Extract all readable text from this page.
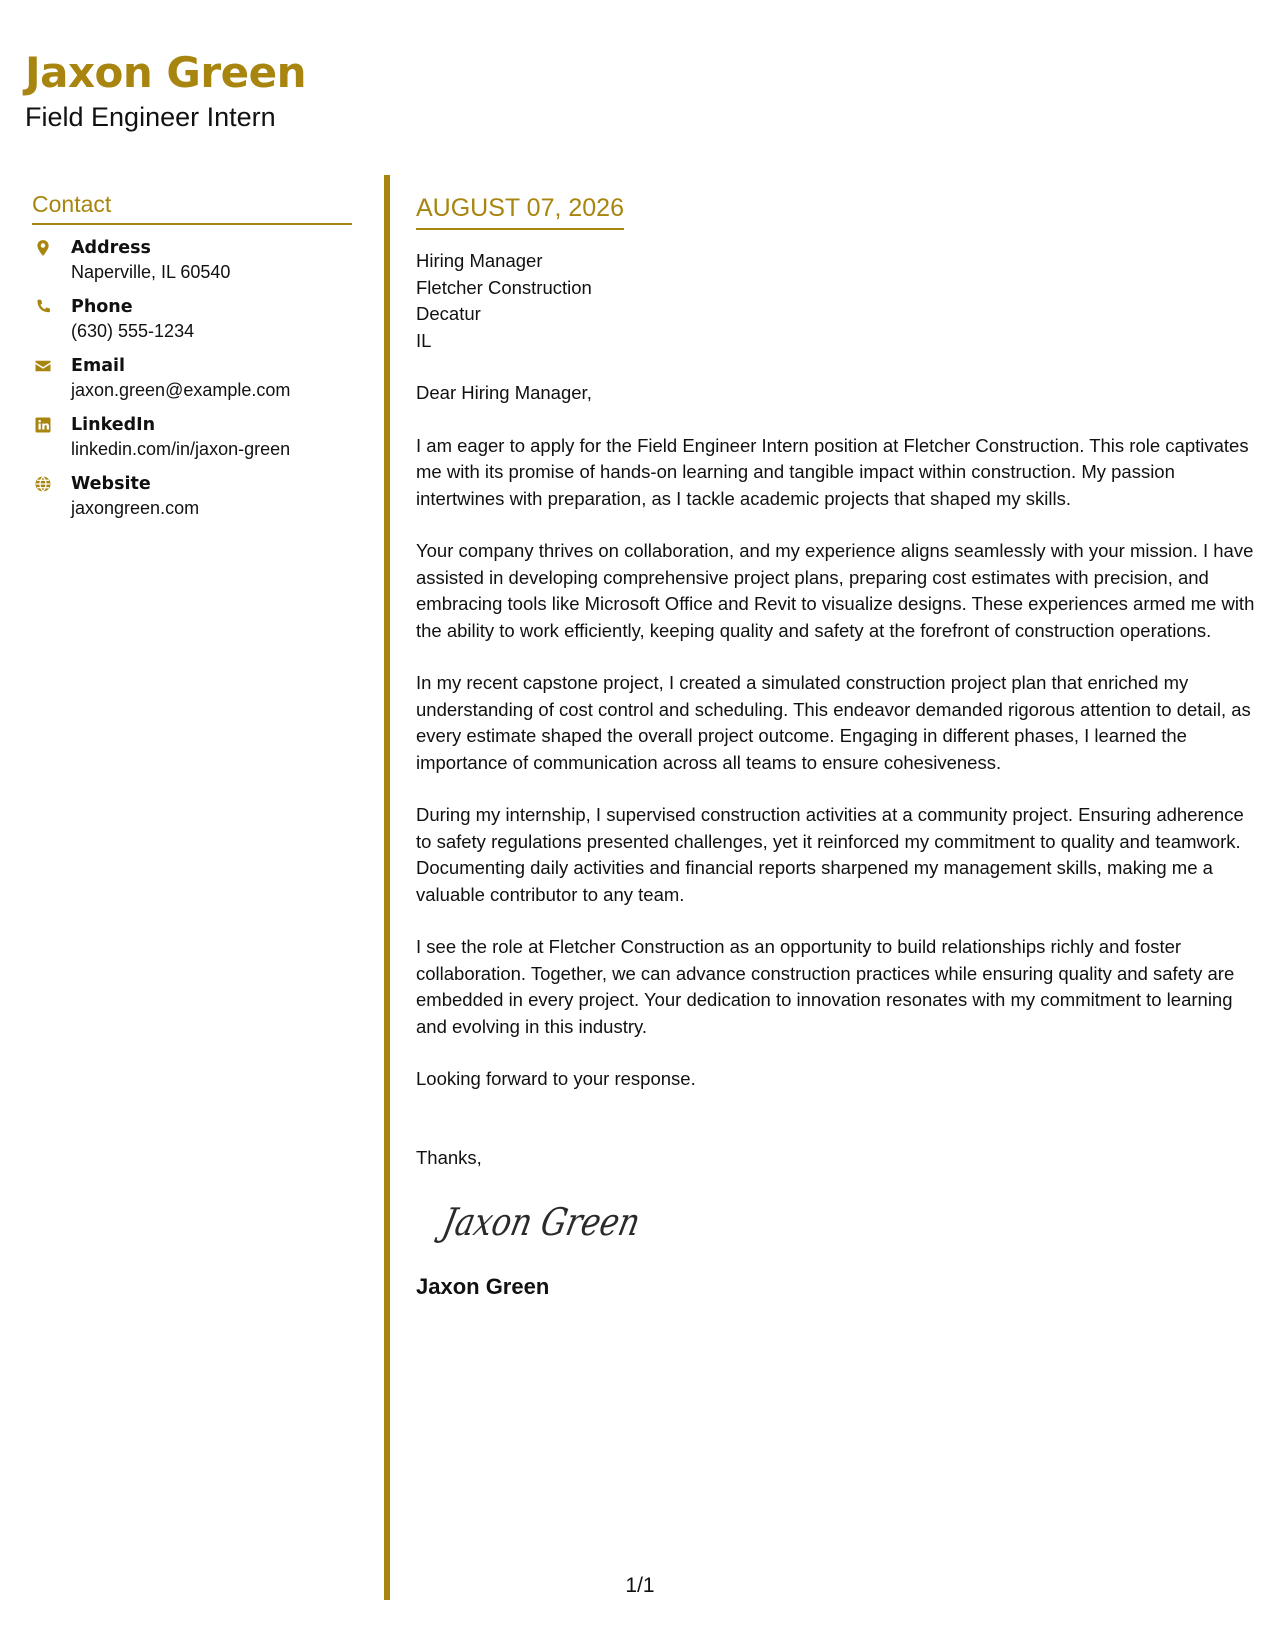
Jaxon Green
Field Engineer Intern
Contact
Address
Naperville, IL 60540
Phone
(630) 555-1234
Email
jaxon.green@example.com
LinkedIn
linkedin.com/in/jaxon-green
Website
jaxongreen.com
AUGUST 07, 2026
Hiring Manager
Fletcher Construction
Decatur
IL
Dear Hiring Manager,
I am eager to apply for the Field Engineer Intern position at Fletcher Construction. This role captivates me with its promise of hands-on learning and tangible impact within construction. My passion intertwines with preparation, as I tackle academic projects that shaped my skills.
Your company thrives on collaboration, and my experience aligns seamlessly with your mission. I have assisted in developing comprehensive project plans, preparing cost estimates with precision, and embracing tools like Microsoft Office and Revit to visualize designs. These experiences armed me with the ability to work efficiently, keeping quality and safety at the forefront of construction operations.
In my recent capstone project, I created a simulated construction project plan that enriched my understanding of cost control and scheduling. This endeavor demanded rigorous attention to detail, as every estimate shaped the overall project outcome. Engaging in different phases, I learned the importance of communication across all teams to ensure cohesiveness.
During my internship, I supervised construction activities at a community project. Ensuring adherence to safety regulations presented challenges, yet it reinforced my commitment to quality and teamwork. Documenting daily activities and financial reports sharpened my management skills, making me a valuable contributor to any team.
I see the role at Fletcher Construction as an opportunity to build relationships richly and foster collaboration. Together, we can advance construction practices while ensuring quality and safety are embedded in every project. Your dedication to innovation resonates with my commitment to learning and evolving in this industry.
Looking forward to your response.
Thanks,
Jaxon Green
Jaxon Green
1/1
